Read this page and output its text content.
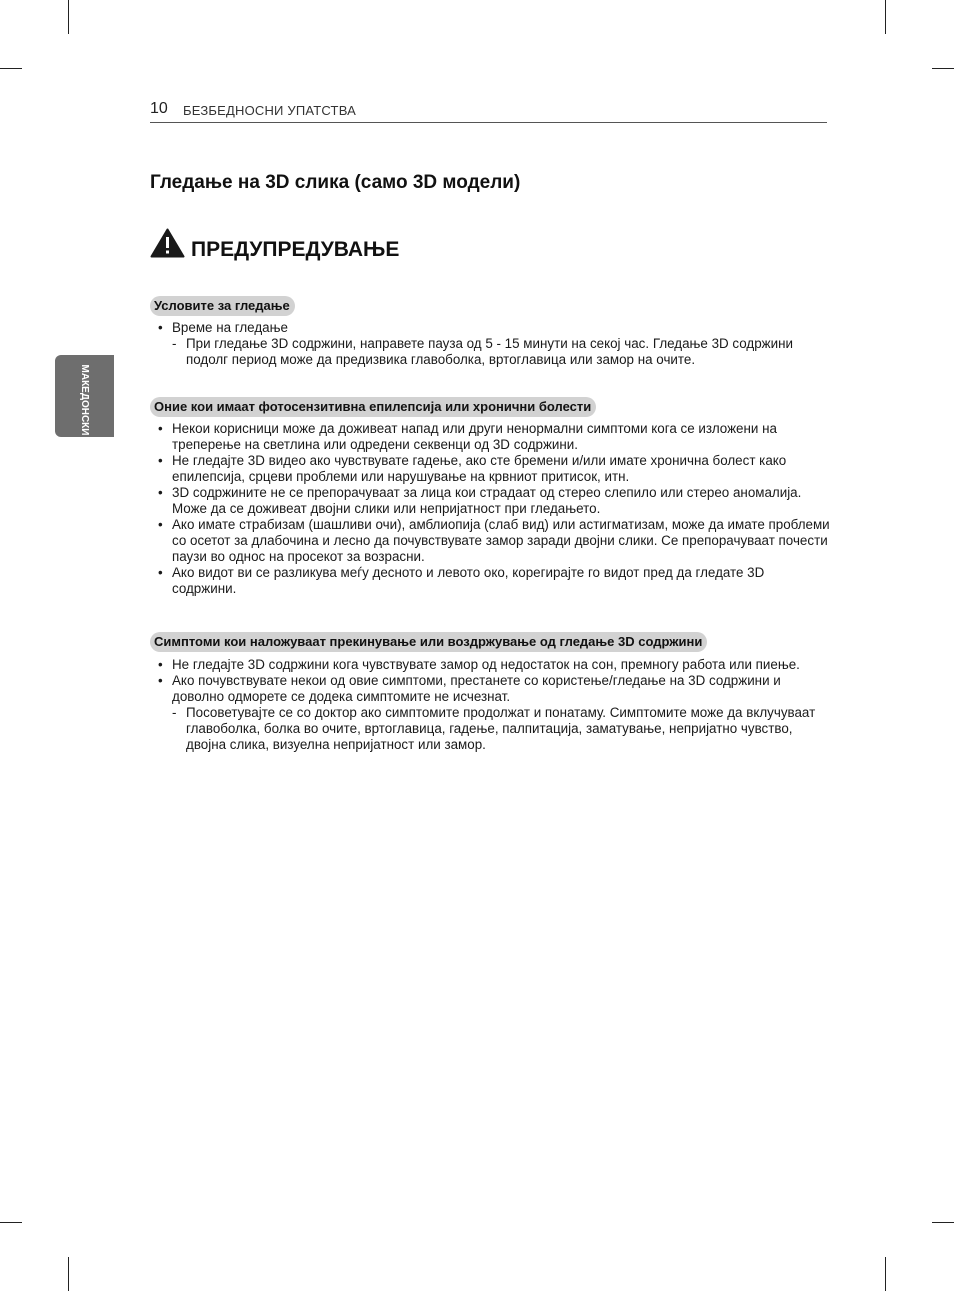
10 БЕЗБЕДНОСНИ УПАТСТВА
МАКЕДОНСКИ
Гледање на 3D слика (само 3D модели)
ПРЕДУПРЕДУВАЊЕ
Условите за гледање
• Време на гледање
- При гледање 3D содржини, направете пауза од 5 - 15 минути на секој час. Гледање 3D содржини подолг период може да предизвика главоболка, вртоглавица или замор на очите.
Оние кои имаат фотосензитивна епилепсија или хронични болести
• Некои корисници може да доживеат напад или други ненормални симптоми кога се изложени на треперење на светлина или одредени секвенци од 3D содржини.
• Не гледајте 3D видео ако чувствувате гадење, ако сте бремени и/или имате хронична болест како епилепсија, срцеви проблеми или нарушување на крвниот притисок, итн.
• 3D содржините не се препорачуваат за лица кои страдаат од стерео слепило или стерео аномалија. Може да се доживеат двојни слики или непријатност при гледањето.
• Ако имате страбизам (шашливи очи), амблиопија (слаб вид) или астигматизам, може да имате проблеми со осетот за длабочина и лесно да почувствувате замор заради двојни слики. Се препорачуваат почести паузи во однос на просекот за возрасни.
• Ако видот ви се разликува меѓу десното и левото око, корегирајте го видот пред да гледате 3D содржини.
Симптоми кои наложуваат прекинување или воздржување од гледање 3D содржини
• Не гледајте 3D содржини кога чувствувате замор од недостаток на сон, премногу работа или пиење.
• Ако почувствувате некои од овие симптоми, престанете со користење/гледање на 3D содржини и доволно одморете се додека симптомите не исчезнат.
- Посоветувајте се со доктор ако симптомите продолжат и понатаму. Симптомите може да вклучуваат главоболка, болка во очите, вртоглавица, гадење, палпитација, заматување, непријатно чувство, двојна слика, визуелна непријатност или замор.
